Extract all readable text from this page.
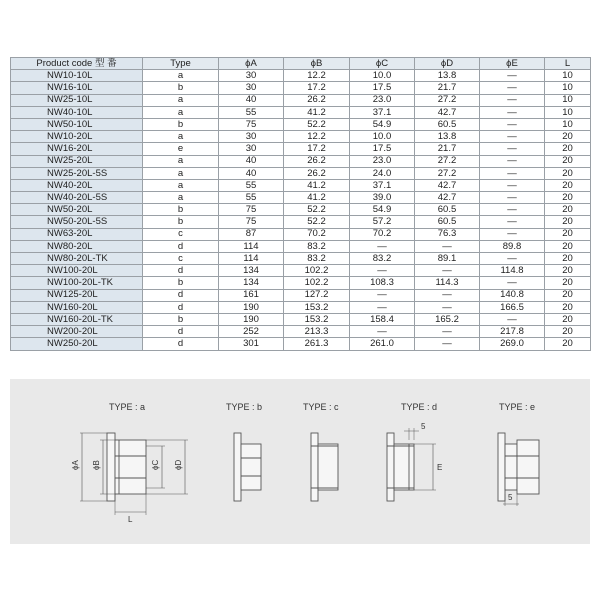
Product code 型 番	Type	ϕA	ϕB	ϕC	ϕD	ϕE	L
NW10-10L	a	30	12.2	10.0	13.8	—	10
NW16-10L	b	30	17.2	17.5	21.7	—	10
NW25-10L	a	40	26.2	23.0	27.2	—	10
NW40-10L	a	55	41.2	37.1	42.7	—	10
NW50-10L	b	75	52.2	54.9	60.5	—	10
NW10-20L	a	30	12.2	10.0	13.8	—	20
NW16-20L	e	30	17.2	17.5	21.7	—	20
NW25-20L	a	40	26.2	23.0	27.2	—	20
NW25-20L-5S	a	40	26.2	24.0	27.2	—	20
NW40-20L	a	55	41.2	37.1	42.7	—	20
NW40-20L-5S	a	55	41.2	39.0	42.7	—	20
NW50-20L	b	75	52.2	54.9	60.5	—	20
NW50-20L-5S	b	75	52.2	57.2	60.5	—	20
NW63-20L	c	87	70.2	70.2	76.3	—	20
NW80-20L	d	114	83.2	—	—	89.8	20
NW80-20L-TK	c	114	83.2	83.2	89.1	—	20
NW100-20L	d	134	102.2	—	—	114.8	20
NW100-20L-TK	b	134	102.2	108.3	114.3	—	20
NW125-20L	d	161	127.2	—	—	140.8	20
NW160-20L	d	190	153.2	—	—	166.5	20
NW160-20L-TK	b	190	153.2	158.4	165.2	—	20
NW200-20L	d	252	213.3	—	—	217.8	20
NW250-20L	d	301	261.3	261.0	—	269.0	20
TYPE : a	TYPE : b	TYPE : c	TYPE : d	TYPE : e
ϕA ϕB	ϕC ϕD
L
5
E
5
